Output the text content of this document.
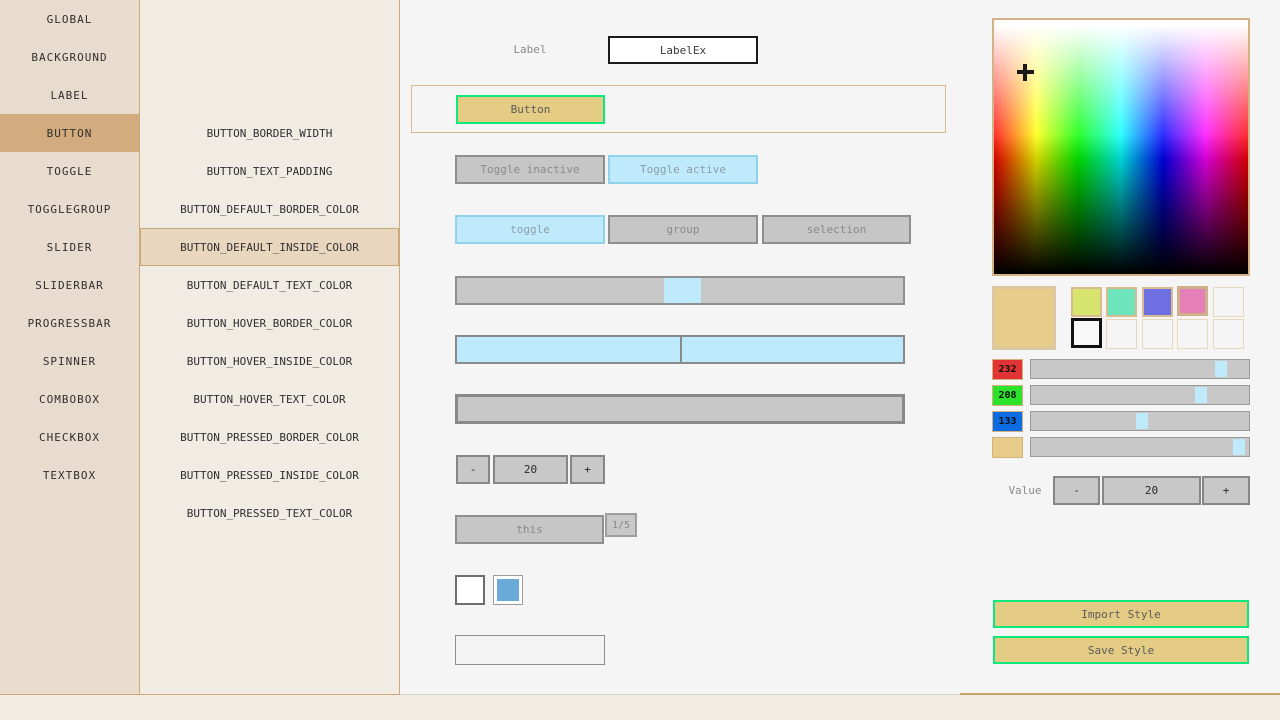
GLOBAL
BACKGROUND
LABEL
BUTTON
TOGGLE
TOGGLEGROUP
SLIDER
SLIDERBAR
PROGRESSBAR
SPINNER
COMBOBOX
CHECKBOX
TEXTBOX
BUTTON_BORDER_WIDTH
BUTTON_TEXT_PADDING
BUTTON_DEFAULT_BORDER_COLOR
BUTTON_DEFAULT_INSIDE_COLOR
BUTTON_DEFAULT_TEXT_COLOR
BUTTON_HOVER_BORDER_COLOR
BUTTON_HOVER_INSIDE_COLOR
BUTTON_HOVER_TEXT_COLOR
BUTTON_PRESSED_BORDER_COLOR
BUTTON_PRESSED_INSIDE_COLOR
BUTTON_PRESSED_TEXT_COLOR
Label	LabelEx
Button
Toggle inactive	Toggle active
toggle	group	selection
-	20	+
this	1/5
232
208
133
Value	-	20	+
Import Style
Save Style
